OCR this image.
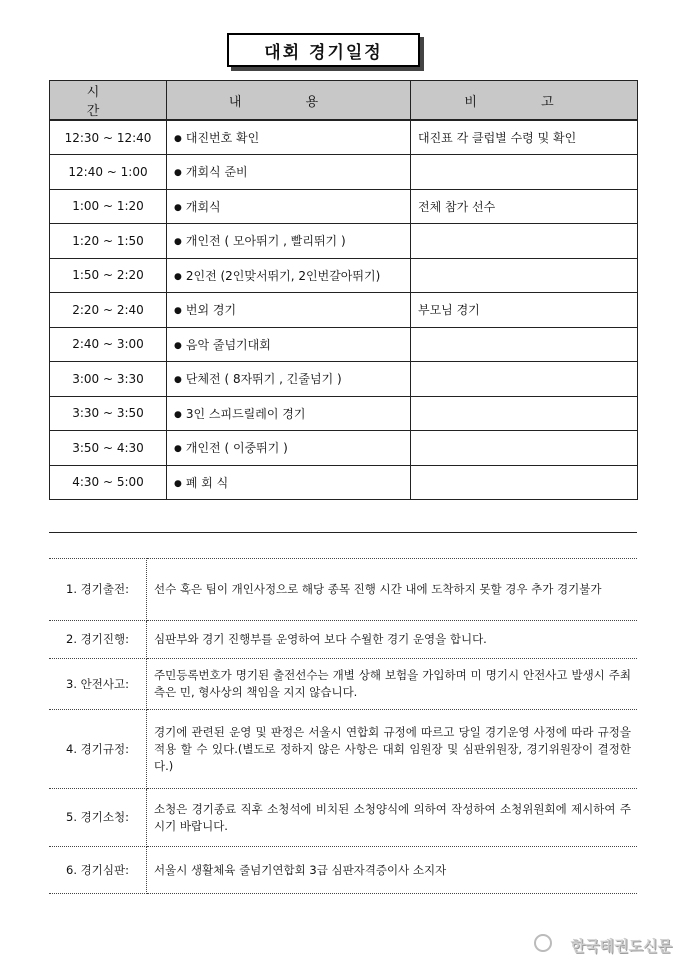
대회 경기일정
시 간	내 용	비 고
12:30 ~ 12:40	● 대진번호 확인	대진표 각 클럽별 수령 및 확인
12:40 ~ 1:00	● 개회식 준비	
1:00 ~ 1:20	● 개회식	전체 참가 선수
1:20 ~ 1:50	● 개인전 ( 모아뛰기 , 빨리뛰기 )	
1:50 ~ 2:20	● 2인전 (2인맞서뛰기, 2인번갈아뛰기)	
2:20 ~ 2:40	● 번외 경기	부모님 경기
2:40 ~ 3:00	● 음악 줄넘기대회	
3:00 ~ 3:30	● 단체전 ( 8자뛰기 , 긴줄넘기 )	
3:30 ~ 3:50	● 3인 스피드릴레이 경기	
3:50 ~ 4:30	● 개인전 ( 이중뛰기 )	
4:30 ~ 5:00	● 폐 회 식	
1. 경기출전:	선수 혹은 팀이 개인사정으로 해당 종목 진행 시간 내에 도착하지 못할 경우 추가 경기불가
2. 경기진행:	심판부와 경기 진행부를 운영하여 보다 수월한 경기 운영을 합니다.
3. 안전사고:	주민등록번호가 명기된 출전선수는 개별 상해 보험을 가입하며 미 명기시 안전사고 발생시 주최 측은 민, 형사상의 책임을 지지 않습니다.
4. 경기규정:	경기에 관련된 운영 및 판정은 서울시 연합회 규정에 따르고 당일 경기운영 사정에 따라 규정을 적용 할 수 있다.(별도로 정하지 않은 사항은 대회 임원장 및 심판위원장, 경기위원장이 결정한다.)
5. 경기소청:	소청은 경기종료 직후 소청석에 비치된 소청양식에 의하여 작성하여 소청위원회에 제시하여 주시기 바랍니다.
6. 경기심판:	서울시 생활체육 줄넘기연합회 3급 심판자격증이사 소지자
한국태권도신문
